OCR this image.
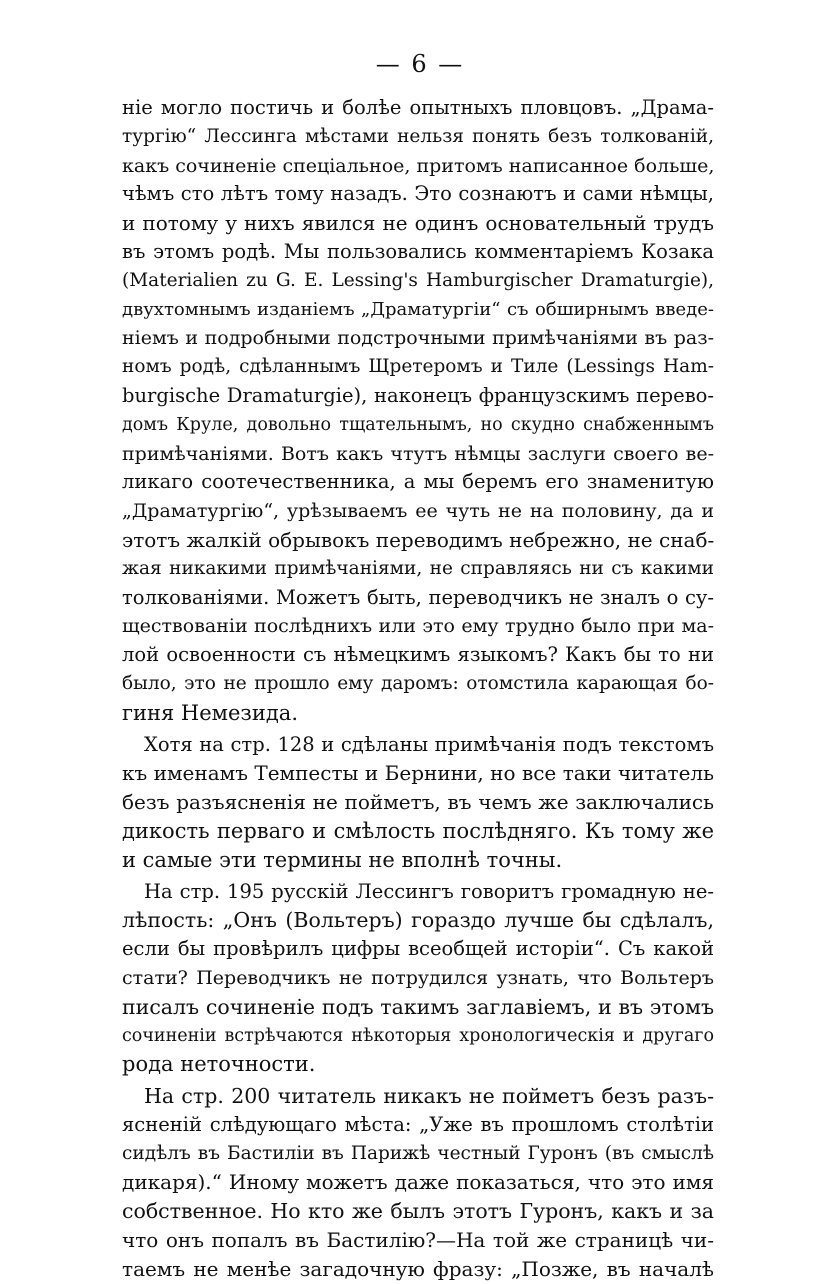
— 6 —
ніе могло постичь и болѣе опытныхъ пловцовъ. „Драма-
тургію“ Лессинга мѣстами нельзя понять безъ толкованій,
какъ сочиненіе спеціальное, притомъ написанное больше,
чѣмъ сто лѣтъ тому назадъ. Это сознаютъ и сами нѣмцы,
и потому у нихъ явился не одинъ основательный трудъ
въ этомъ родѣ. Мы пользовались комментаріемъ Козака
(Materialien zu G. E. Lessing's Hamburgischer Dramaturgie),
двухтомнымъ изданіемъ „Драматургіи“ съ обширнымъ введе-
ніемъ и подробными подстрочными примѣчаніями въ раз-
номъ родѣ, сдѣланнымъ Щретеромъ и Тиле (Lessings Ham-
burgische Dramaturgie), наконецъ французскимъ перево-
домъ Круле, довольно тщательнымъ, но скудно снабженнымъ
примѣчаніями. Вотъ какъ чтутъ нѣмцы заслуги своего ве-
ликаго соотечественника, а мы беремъ его знаменитую
„Драматургію“, урѣзываемъ ее чуть не на половину, да и
этотъ жалкій обрывокъ переводимъ небрежно, не снаб-
жая никакими примѣчаніями, не справляясь ни съ какими
толкованіями. Можетъ быть, переводчикъ не зналъ о су-
ществованіи послѣднихъ или это ему трудно было при ма-
лой освоенности съ нѣмецкимъ языкомъ? Какъ бы то ни
было, это не прошло ему даромъ: отомстила карающая бо-
гиня Немезида.
Хотя на стр. 128 и сдѣланы примѣчанія подъ текстомъ
къ именамъ Темпесты и Бернини, но все таки читатель
безъ разъясненія не пойметъ, въ чемъ же заключались
дикость перваго и смѣлость послѣдняго. Къ тому же
и самые эти термины не вполнѣ точны.
На стр. 195 русскій Лессингъ говоритъ громадную не-
лѣпость: „Онъ (Вольтеръ) гораздо лучше бы сдѣлалъ,
если бы провѣрилъ цифры всеобщей исторіи“. Съ какой
стати? Переводчикъ не потрудился узнать, что Вольтеръ
писалъ сочиненіе подъ такимъ заглавіемъ, и въ этомъ
сочиненіи встрѣчаются нѣкоторыя хронологическія и другаго
рода неточности.
На стр. 200 читатель никакъ не пойметъ безъ разъ-
ясненій слѣдующаго мѣста: „Уже въ прошломъ столѣтіи
сидѣлъ въ Бастиліи въ Парижѣ честный Гуронъ (въ смыслѣ
дикаря).“ Иному можетъ даже показаться, что это имя
собственное. Но кто же былъ этотъ Гуронъ, какъ и за
что онъ попалъ въ Бастилію?—На той же страницѣ чи-
таемъ не менѣе загадочную фразу: „Позже, въ началѣ
